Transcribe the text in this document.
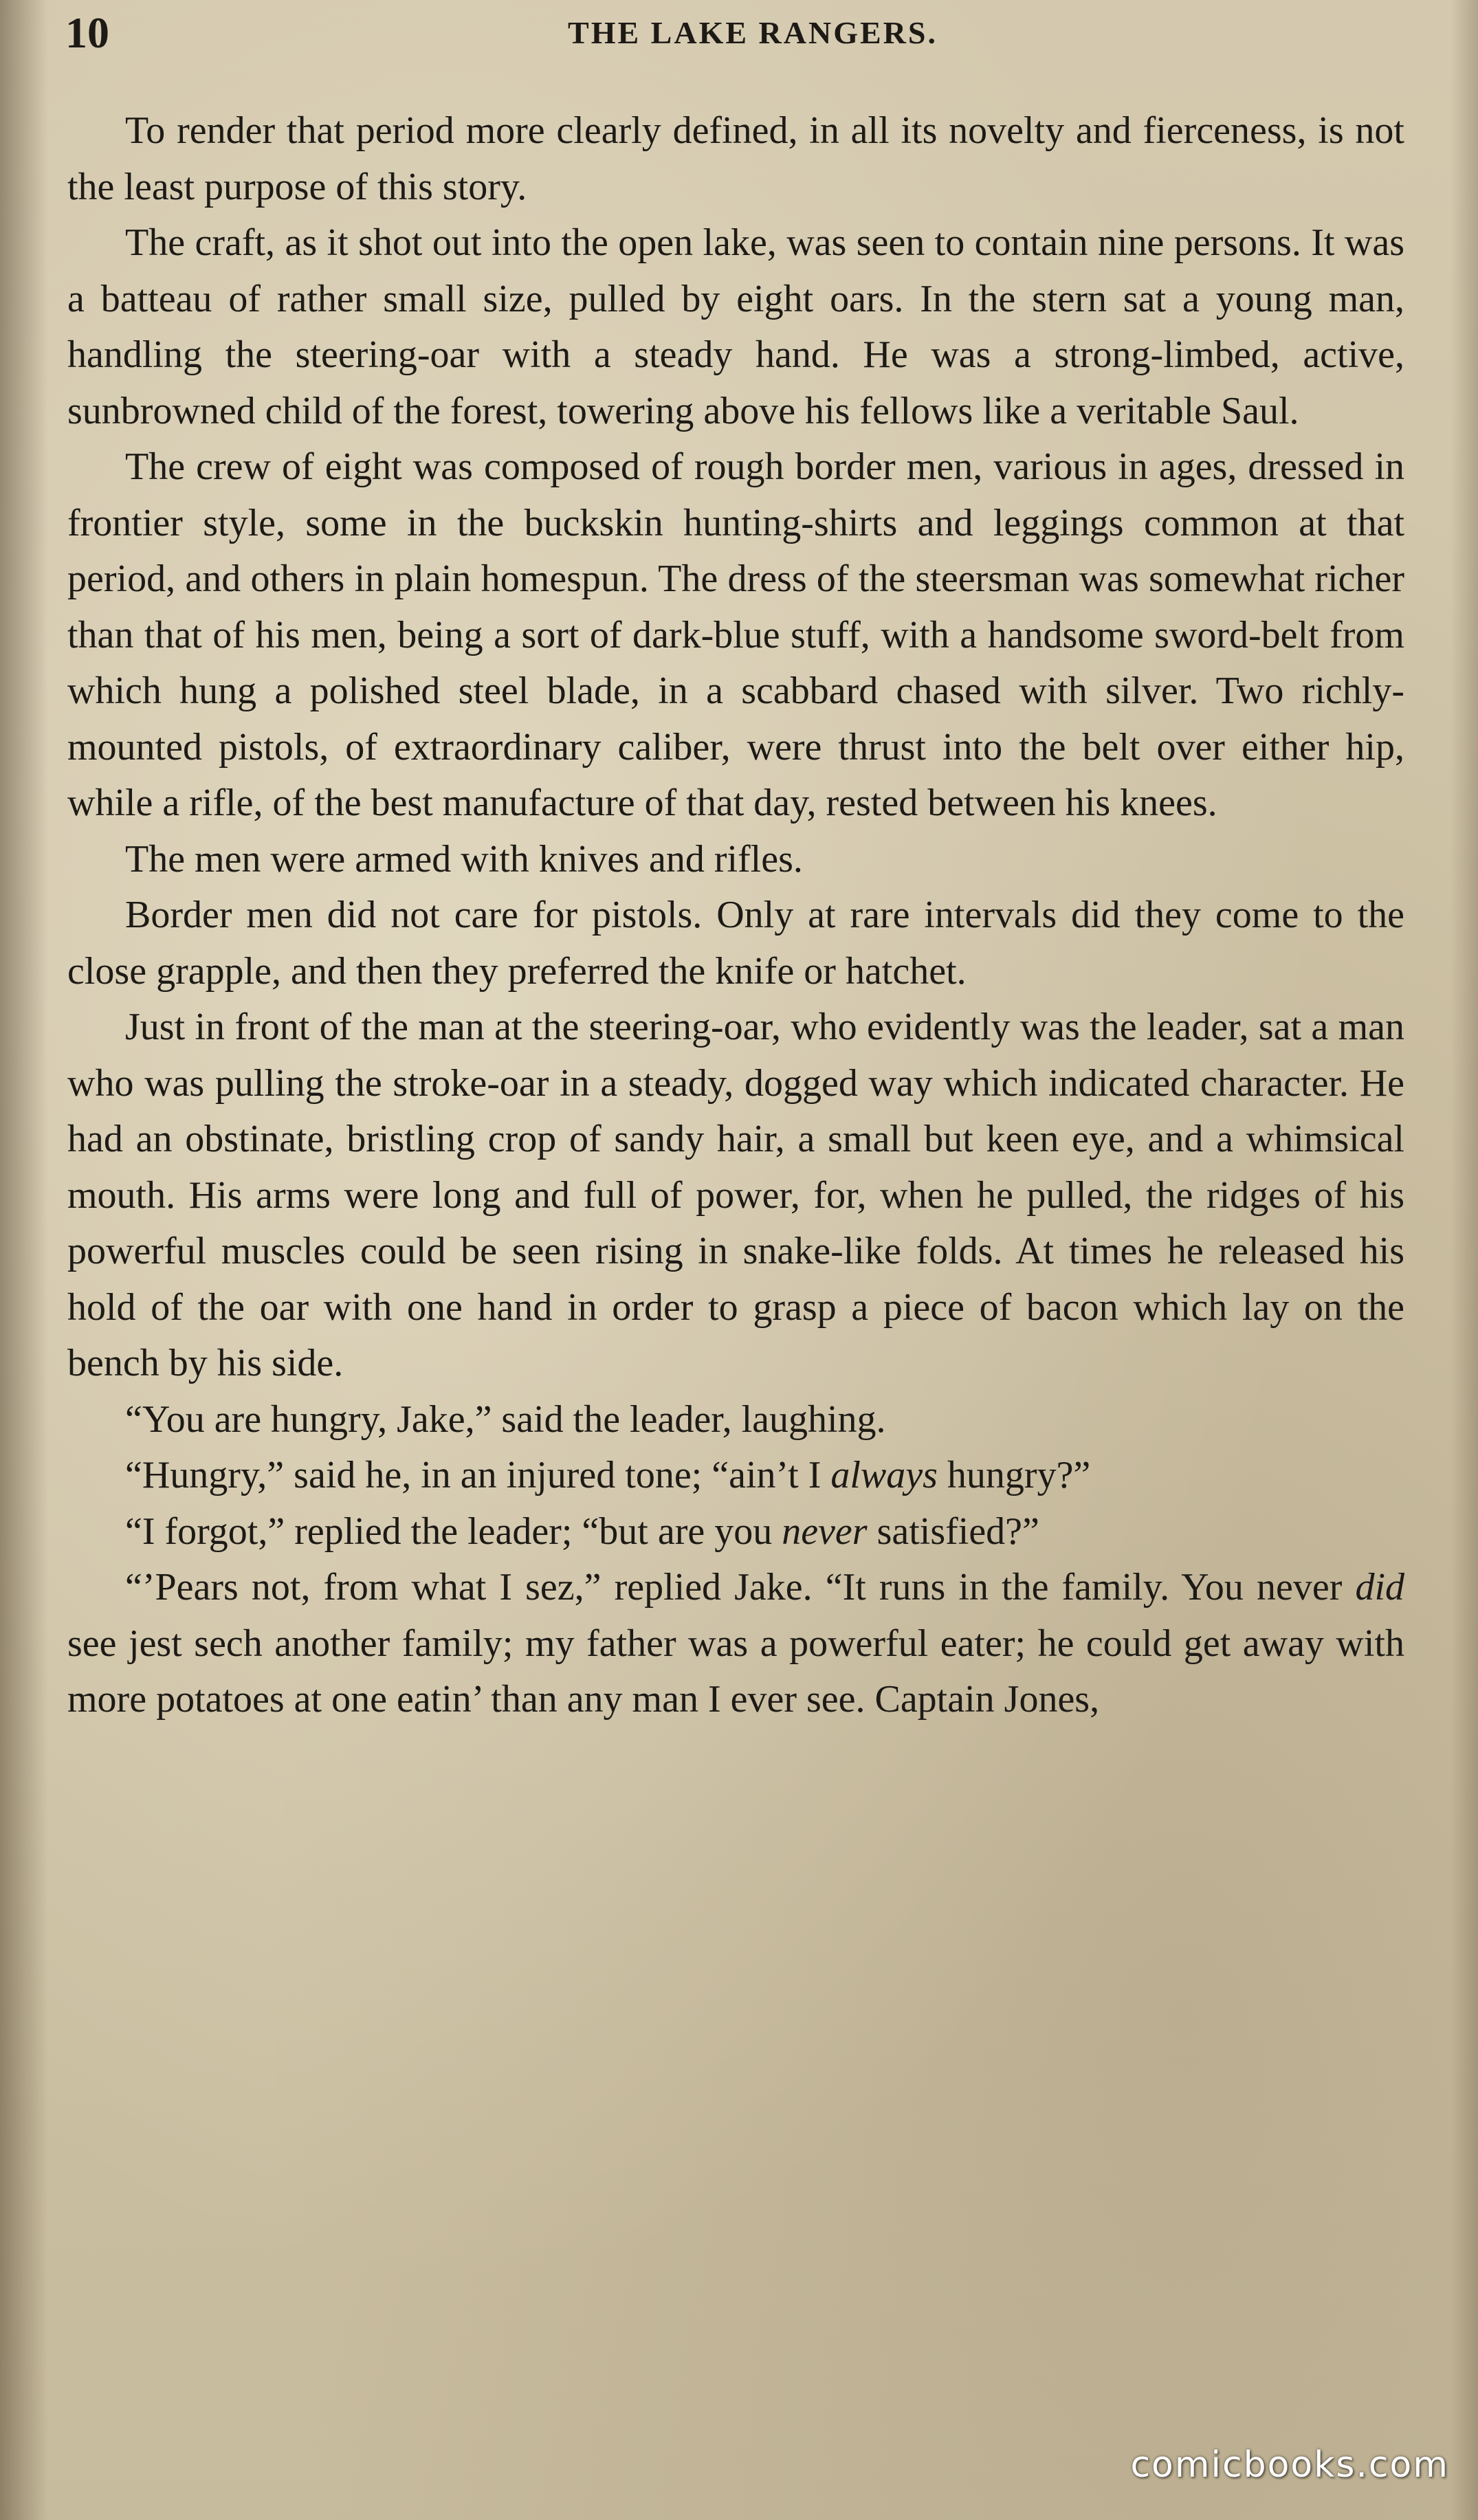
10	THE LAKE RANGERS.

To render that period more clearly defined, in all its novelty and fierceness, is not the least purpose of this story.

The craft, as it shot out into the open lake, was seen to contain nine persons. It was a batteau of rather small size, pulled by eight oars. In the stern sat a young man, handling the steering-oar with a steady hand. He was a strong-limbed, active, sunbrowned child of the forest, towering above his fellows like a veritable Saul.

The crew of eight was composed of rough border men, various in ages, dressed in frontier style, some in the buckskin hunting-shirts and leggings common at that period, and others in plain homespun. The dress of the steersman was somewhat richer than that of his men, being a sort of dark-blue stuff, with a handsome sword-belt from which hung a polished steel blade, in a scabbard chased with silver. Two richly-mounted pistols, of extraordinary caliber, were thrust into the belt over either hip, while a rifle, of the best manufacture of that day, rested between his knees.

The men were armed with knives and rifles.

Border men did not care for pistols. Only at rare intervals did they come to the close grapple, and then they preferred the knife or hatchet.

Just in front of the man at the steering-oar, who evidently was the leader, sat a man who was pulling the stroke-oar in a steady, dogged way which indicated character. He had an obstinate, bristling crop of sandy hair, a small but keen eye, and a whimsical mouth. His arms were long and full of power, for, when he pulled, the ridges of his powerful muscles could be seen rising in snake-like folds. At times he released his hold of the oar with one hand in order to grasp a piece of bacon which lay on the bench by his side.

“You are hungry, Jake,” said the leader, laughing.

“Hungry,” said he, in an injured tone; “ain’t I always hungry?”

“I forgot,” replied the leader; “but are you never satisfied?”

“’Pears not, from what I sez,” replied Jake. “It runs in the family. You never did see jest sech another family; my father was a powerful eater; he could get away with more potatoes at one eatin’ than any man I ever see. Captain Jones,

comicbooks.com
